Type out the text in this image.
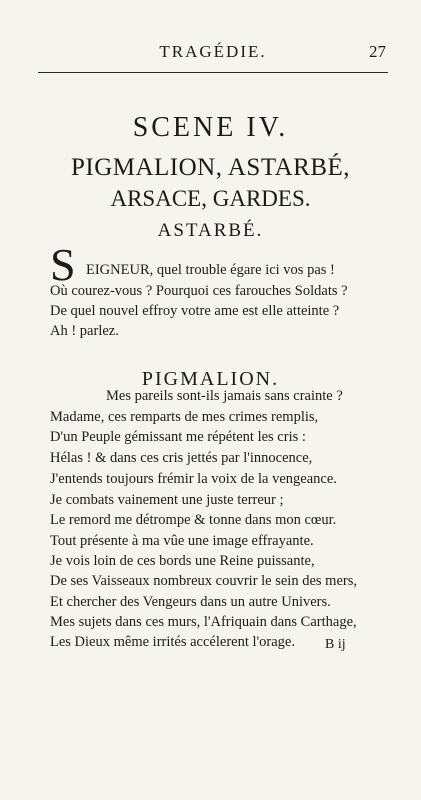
TRAGÉDIE.	27
SCENE IV.
PIGMALION, ASTARBÉ,
ARSACE, GARDES.
ASTARBÉ.
S EIGNEUR, quel trouble égare ici vos pas !
Où courez-vous ? Pourquoi ces farouches Soldats ?
De quel nouvel effroy votre ame est elle atteinte ?
Ah ! parlez.
PIGMALION.
Mes pareils sont-ils jamais sans crainte ?
Madame, ces remparts de mes crimes remplis,
D'un Peuple gémissant me répétent les cris :
Hélas ! & dans ces cris jettés par l'innocence,
J'entends toujours frémir la voix de la vengeance.
Je combats vainement une juste terreur ;
Le remord me détrompe & tonne dans mon cœur.
Tout présente à ma vûe une image effrayante.
Je vois loin de ces bords une Reine puissante,
De ses Vaisseaux nombreux couvrir le sein des mers,
Et chercher des Vengeurs dans un autre Univers.
Mes sujets dans ces murs, l'Afriquain dans Carthage,
Les Dieux même irrités accélerent l'orage. B ij
